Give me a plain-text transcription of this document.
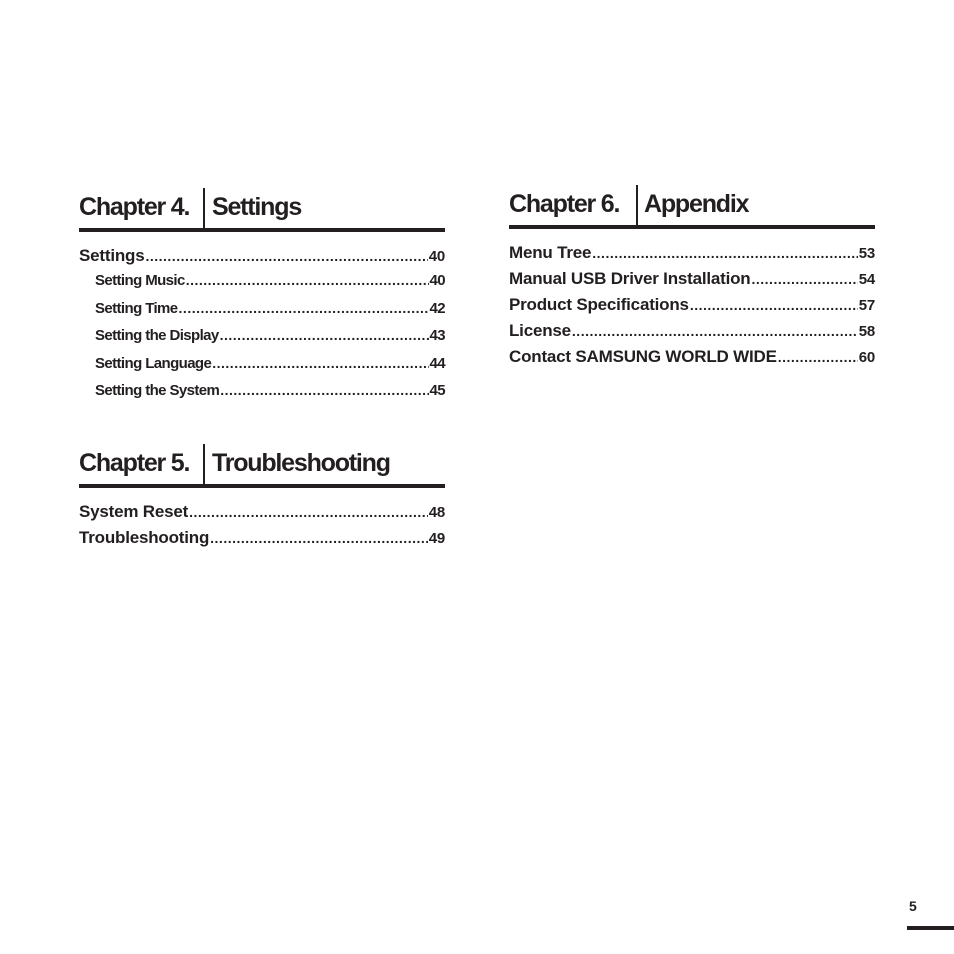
Chapter 4. Settings
Settings .....	40
Setting Music .....	40
Setting Time .....	42
Setting the Display .....	43
Setting Language .....	44
Setting the System .....	45
Chapter 5. Troubleshooting
System Reset .....	48
Troubleshooting .....	49
Chapter 6. Appendix
Menu Tree .....	53
Manual USB Driver Installation .....	54
Product Specifications .....	57
License .....	58
Contact SAMSUNG WORLD WIDE .....	60
5
